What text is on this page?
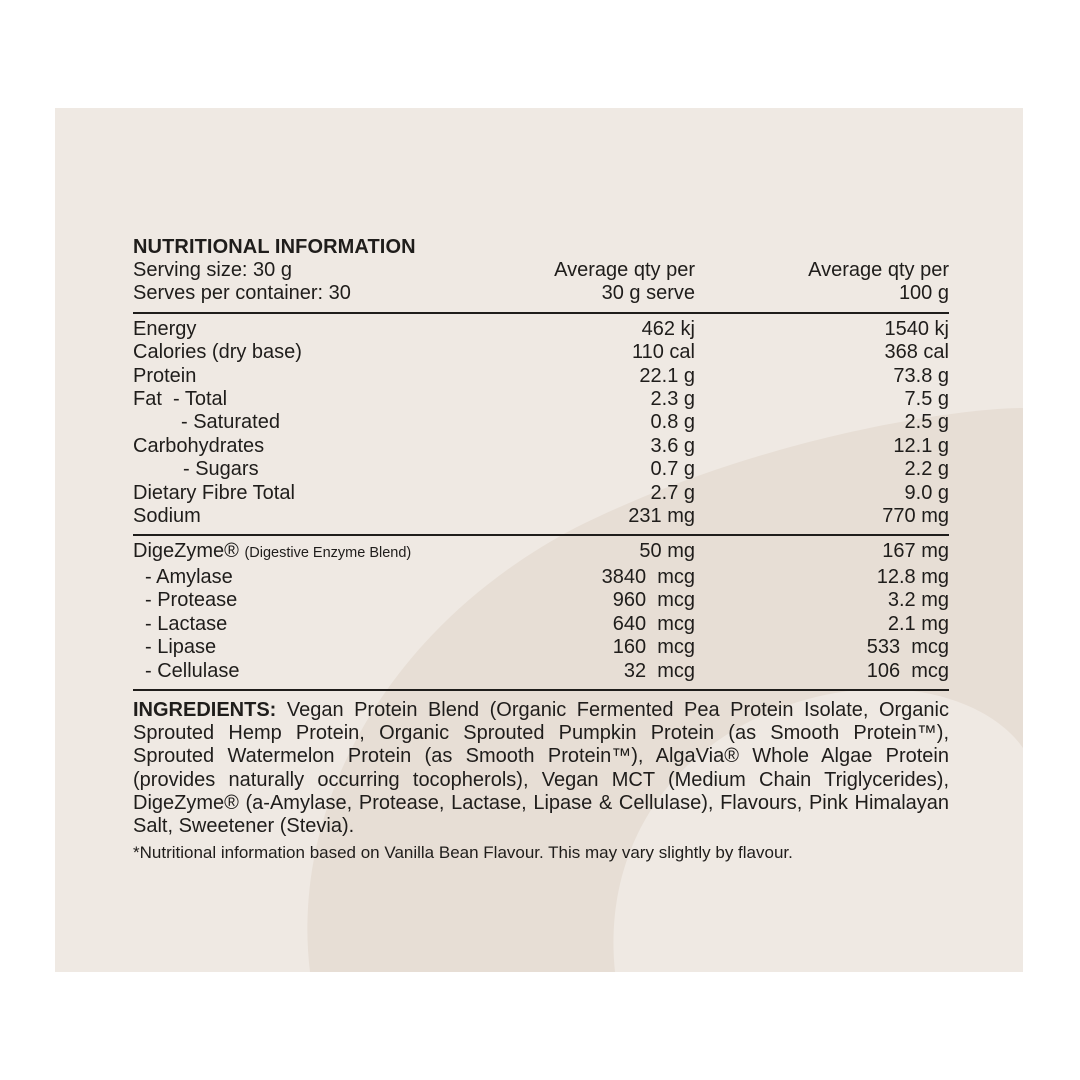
NUTRITIONAL INFORMATION
Serving size: 30 g	Average qty per	Average qty per
Serves per container: 30	30 g serve	100 g
Energy	462 kj	1540 kj
Calories (dry base)	110 cal	368 cal
Protein	22.1 g	73.8 g
Fat  - Total	2.3 g	7.5 g
- Saturated	0.8 g	2.5 g
Carbohydrates	3.6 g	12.1 g
- Sugars	0.7 g	2.2 g
Dietary Fibre Total	2.7 g	9.0 g
Sodium	231 mg	770 mg
DigeZyme® (Digestive Enzyme Blend)	50 mg	167 mg
- Amylase	3840  mcg	12.8 mg
- Protease	960  mcg	3.2 mg
- Lactase	640  mcg	2.1 mg
- Lipase	160  mcg	533  mcg
- Cellulase	32  mcg	106  mcg
INGREDIENTS: Vegan Protein Blend (Organic Fermented Pea Protein Isolate, Organic Sprouted Hemp Protein, Organic Sprouted Pumpkin Protein (as Smooth Protein™), Sprouted Watermelon Protein (as Smooth Protein™), AlgaVia® Whole Algae Protein (provides naturally occurring tocopherols), Vegan MCT (Medium Chain Triglycerides), DigeZyme® (a-Amylase, Protease, Lactase, Lipase & Cellulase), Flavours, Pink Himalayan Salt, Sweetener (Stevia).
*Nutritional information based on Vanilla Bean Flavour. This may vary slightly by flavour.
